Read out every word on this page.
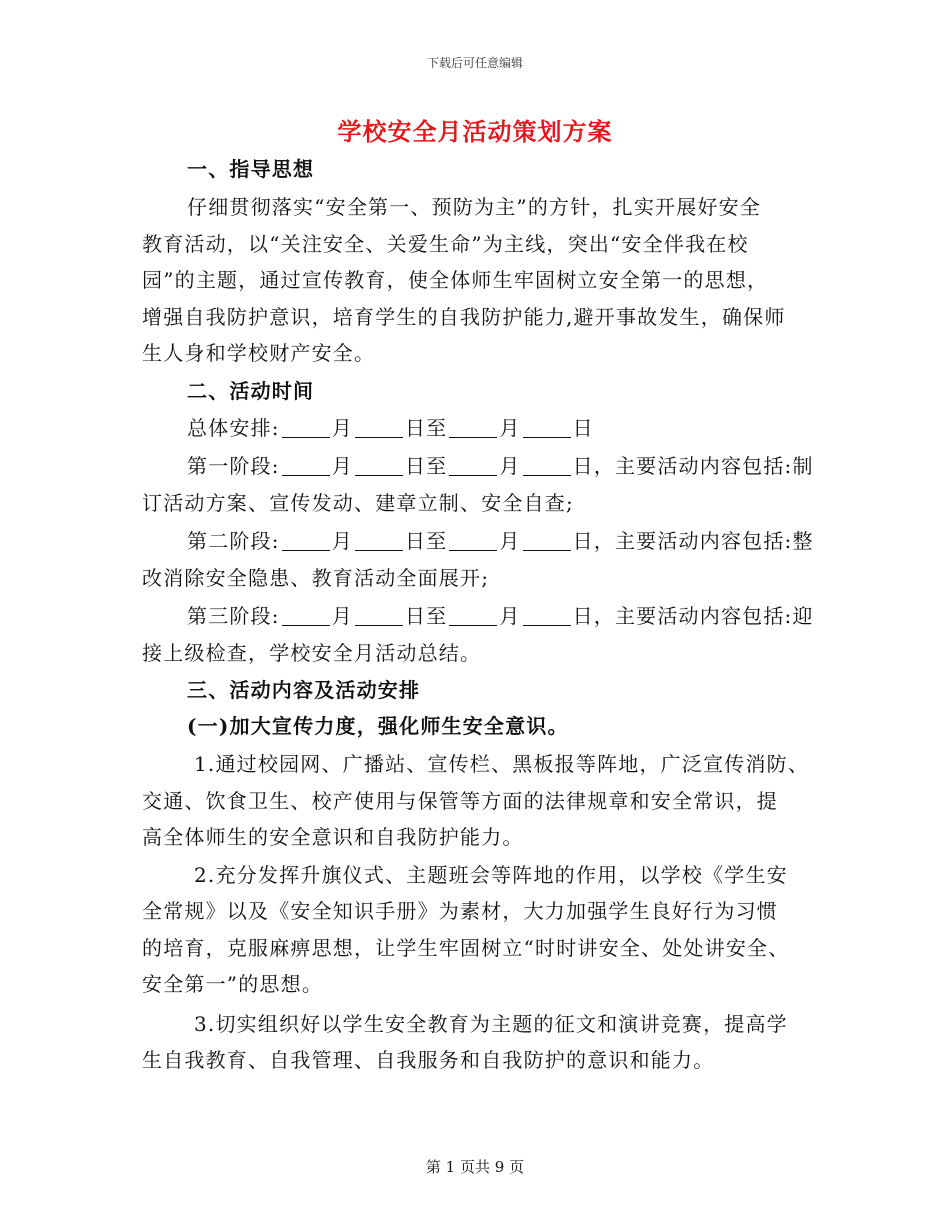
下载后可任意编辑
学校安全月活动策划方案
一、指导思想
仔细贯彻落实“安全第一、预防为主”的方针，扎实开展好安全
教育活动，以“关注安全、关爱生命”为主线，突出“安全伴我在校
园”的主题，通过宣传教育，使全体师生牢固树立安全第一的思想，
增强自我防护意识，培育学生的自我防护能力,避开事故发生，确保师
生人身和学校财产安全。
二、活动时间
总体安排:	月	日至	月	日
第一阶段:	月	日至	月	日，主要活动内容包括:制
订活动方案、宣传发动、建章立制、安全自查;
第二阶段:	月	日至	月	日，主要活动内容包括:整
改消除安全隐患、教育活动全面展开;
第三阶段:	月	日至	月	日，主要活动内容包括:迎
接上级检查，学校安全月活动总结。
三、活动内容及活动安排
(一)加大宣传力度，强化师生安全意识。
1.通过校园网、广播站、宣传栏、黑板报等阵地，广泛宣传消防、
交通、饮食卫生、校产使用与保管等方面的法律规章和安全常识，提
高全体师生的安全意识和自我防护能力。
2.充分发挥升旗仪式、主题班会等阵地的作用，以学校《学生安
全常规》以及《安全知识手册》为素材，大力加强学生良好行为习惯
的培育，克服麻痹思想，让学生牢固树立“时时讲安全、处处讲安全、
安全第一”的思想。
3.切实组织好以学生安全教育为主题的征文和演讲竞赛，提高学
生自我教育、自我管理、自我服务和自我防护的意识和能力。
第 1 页共 9 页
